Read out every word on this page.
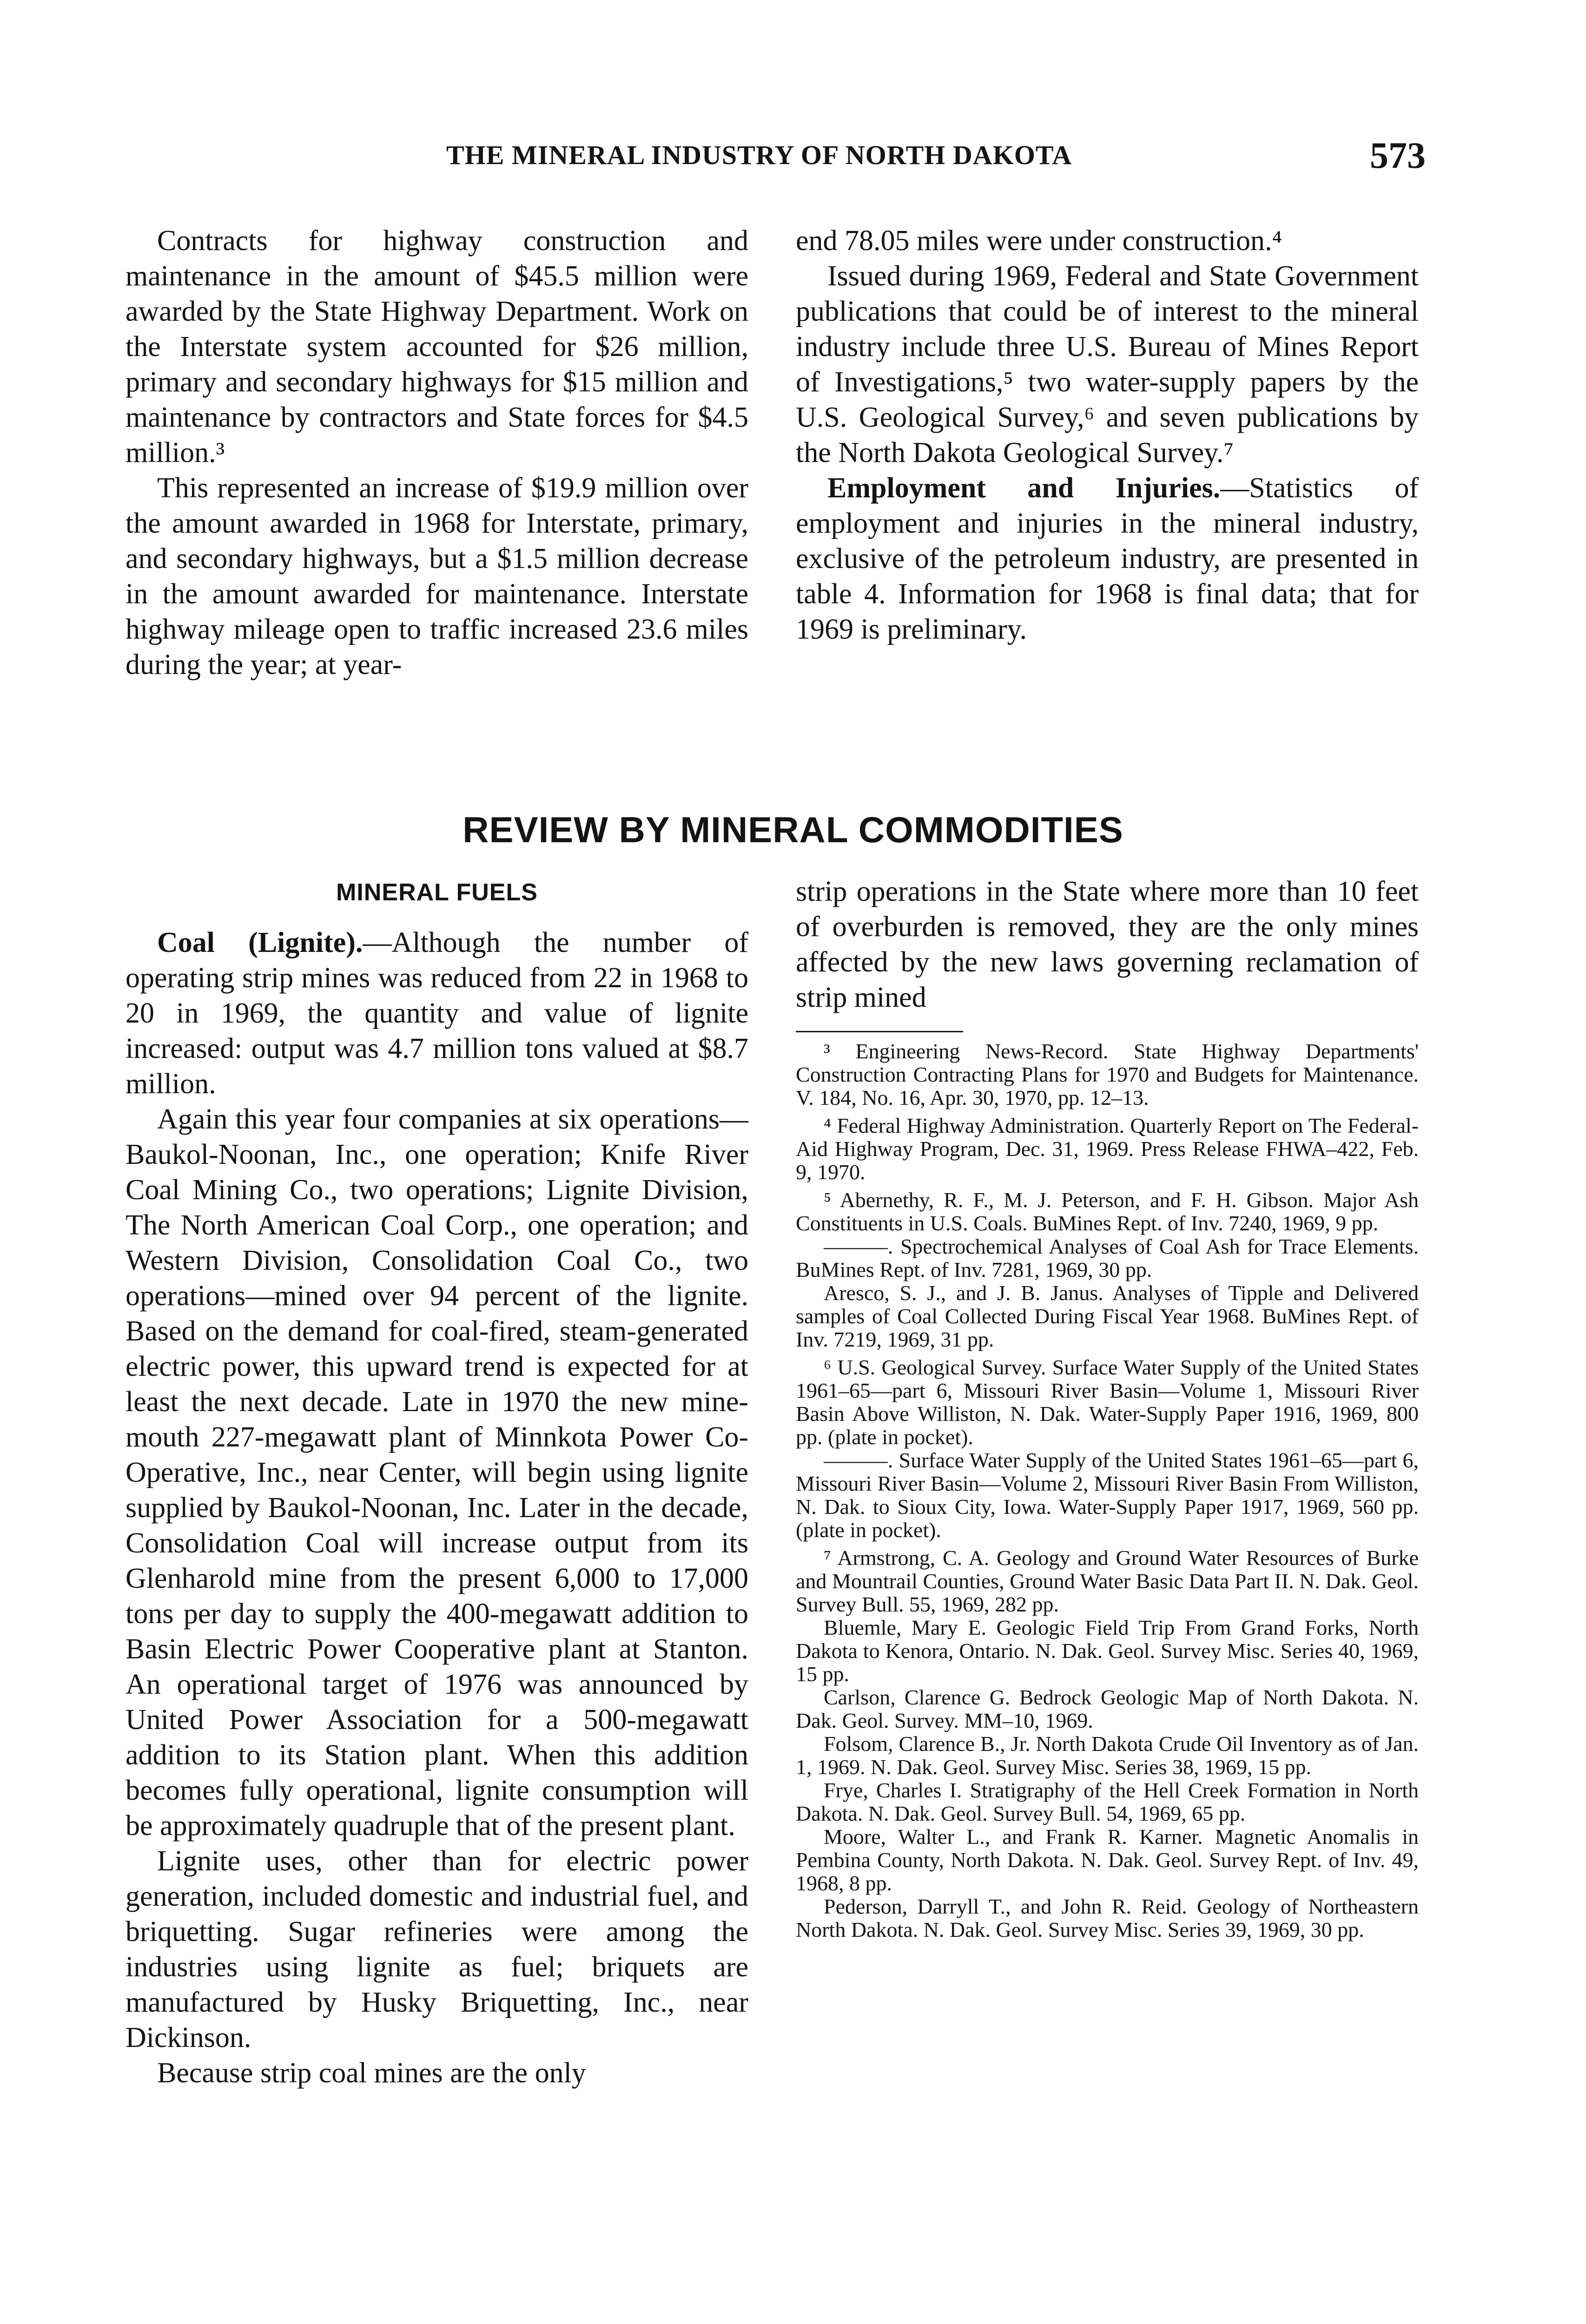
THE MINERAL INDUSTRY OF NORTH DAKOTA	573

Contracts for highway construction and maintenance in the amount of $45.5 million were awarded by the State Highway Department. Work on the Interstate system accounted for $26 million, primary and secondary highways for $15 million and maintenance by contractors and State forces for $4.5 million.³

This represented an increase of $19.9 million over the amount awarded in 1968 for Interstate, primary, and secondary highways, but a $1.5 million decrease in the amount awarded for maintenance. Interstate highway mileage open to traffic increased 23.6 miles during the year; at year-

end 78.05 miles were under construction.⁴

Issued during 1969, Federal and State Government publications that could be of interest to the mineral industry include three U.S. Bureau of Mines Report of Investigations,⁵ two water-supply papers by the U.S. Geological Survey,⁶ and seven publications by the North Dakota Geological Survey.⁷

Employment and Injuries.—Statistics of employment and injuries in the mineral industry, exclusive of the petroleum industry, are presented in table 4. Information for 1968 is final data; that for 1969 is preliminary.

REVIEW BY MINERAL COMMODITIES
MINERAL FUELS

Coal (Lignite).—Although the number of operating strip mines was reduced from 22 in 1968 to 20 in 1969, the quantity and value of lignite increased: output was 4.7 million tons valued at $8.7 million.

Again this year four companies at six operations—Baukol-Noonan, Inc., one operation; Knife River Coal Mining Co., two operations; Lignite Division, The North American Coal Corp., one operation; and Western Division, Consolidation Coal Co., two operations—mined over 94 percent of the lignite. Based on the demand for coal-fired, steam-generated electric power, this upward trend is expected for at least the next decade. Late in 1970 the new mine-mouth 227-megawatt plant of Minnkota Power Co-Operative, Inc., near Center, will begin using lignite supplied by Baukol-Noonan, Inc. Later in the decade, Consolidation Coal will increase output from its Glenharold mine from the present 6,000 to 17,000 tons per day to supply the 400-megawatt addition to Basin Electric Power Cooperative plant at Stanton. An operational target of 1976 was announced by United Power Association for a 500-megawatt addition to its Station plant. When this addition becomes fully operational, lignite consumption will be approximately quadruple that of the present plant.

Lignite uses, other than for electric power generation, included domestic and industrial fuel, and briquetting. Sugar refineries were among the industries using lignite as fuel; briquets are manufactured by Husky Briquetting, Inc., near Dickinson.

Because strip coal mines are the only

strip operations in the State where more than 10 feet of overburden is removed, they are the only mines affected by the new laws governing reclamation of strip mined

³ Engineering News-Record. State Highway Departments' Construction Contracting Plans for 1970 and Budgets for Maintenance. V. 184, No. 16, Apr. 30, 1970, pp. 12–13.

⁴ Federal Highway Administration. Quarterly Report on The Federal-Aid Highway Program, Dec. 31, 1969. Press Release FHWA–422, Feb. 9, 1970.

⁵ Abernethy, R. F., M. J. Peterson, and F. H. Gibson. Major Ash Constituents in U.S. Coals. BuMines Rept. of Inv. 7240, 1969, 9 pp.

———. Spectrochemical Analyses of Coal Ash for Trace Elements. BuMines Rept. of Inv. 7281, 1969, 30 pp.

Aresco, S. J., and J. B. Janus. Analyses of Tipple and Delivered samples of Coal Collected During Fiscal Year 1968. BuMines Rept. of Inv. 7219, 1969, 31 pp.

⁶ U.S. Geological Survey. Surface Water Supply of the United States 1961–65—part 6, Missouri River Basin—Volume 1, Missouri River Basin Above Williston, N. Dak. Water-Supply Paper 1916, 1969, 800 pp. (plate in pocket).

———. Surface Water Supply of the United States 1961–65—part 6, Missouri River Basin—Volume 2, Missouri River Basin From Williston, N. Dak. to Sioux City, Iowa. Water-Supply Paper 1917, 1969, 560 pp. (plate in pocket).

⁷ Armstrong, C. A. Geology and Ground Water Resources of Burke and Mountrail Counties, Ground Water Basic Data Part II. N. Dak. Geol. Survey Bull. 55, 1969, 282 pp.

Bluemle, Mary E. Geologic Field Trip From Grand Forks, North Dakota to Kenora, Ontario. N. Dak. Geol. Survey Misc. Series 40, 1969, 15 pp.

Carlson, Clarence G. Bedrock Geologic Map of North Dakota. N. Dak. Geol. Survey. MM–10, 1969.

Folsom, Clarence B., Jr. North Dakota Crude Oil Inventory as of Jan. 1, 1969. N. Dak. Geol. Survey Misc. Series 38, 1969, 15 pp.

Frye, Charles I. Stratigraphy of the Hell Creek Formation in North Dakota. N. Dak. Geol. Survey Bull. 54, 1969, 65 pp.

Moore, Walter L., and Frank R. Karner. Magnetic Anomalis in Pembina County, North Dakota. N. Dak. Geol. Survey Rept. of Inv. 49, 1968, 8 pp.

Pederson, Darryll T., and John R. Reid. Geology of Northeastern North Dakota. N. Dak. Geol. Survey Misc. Series 39, 1969, 30 pp.
